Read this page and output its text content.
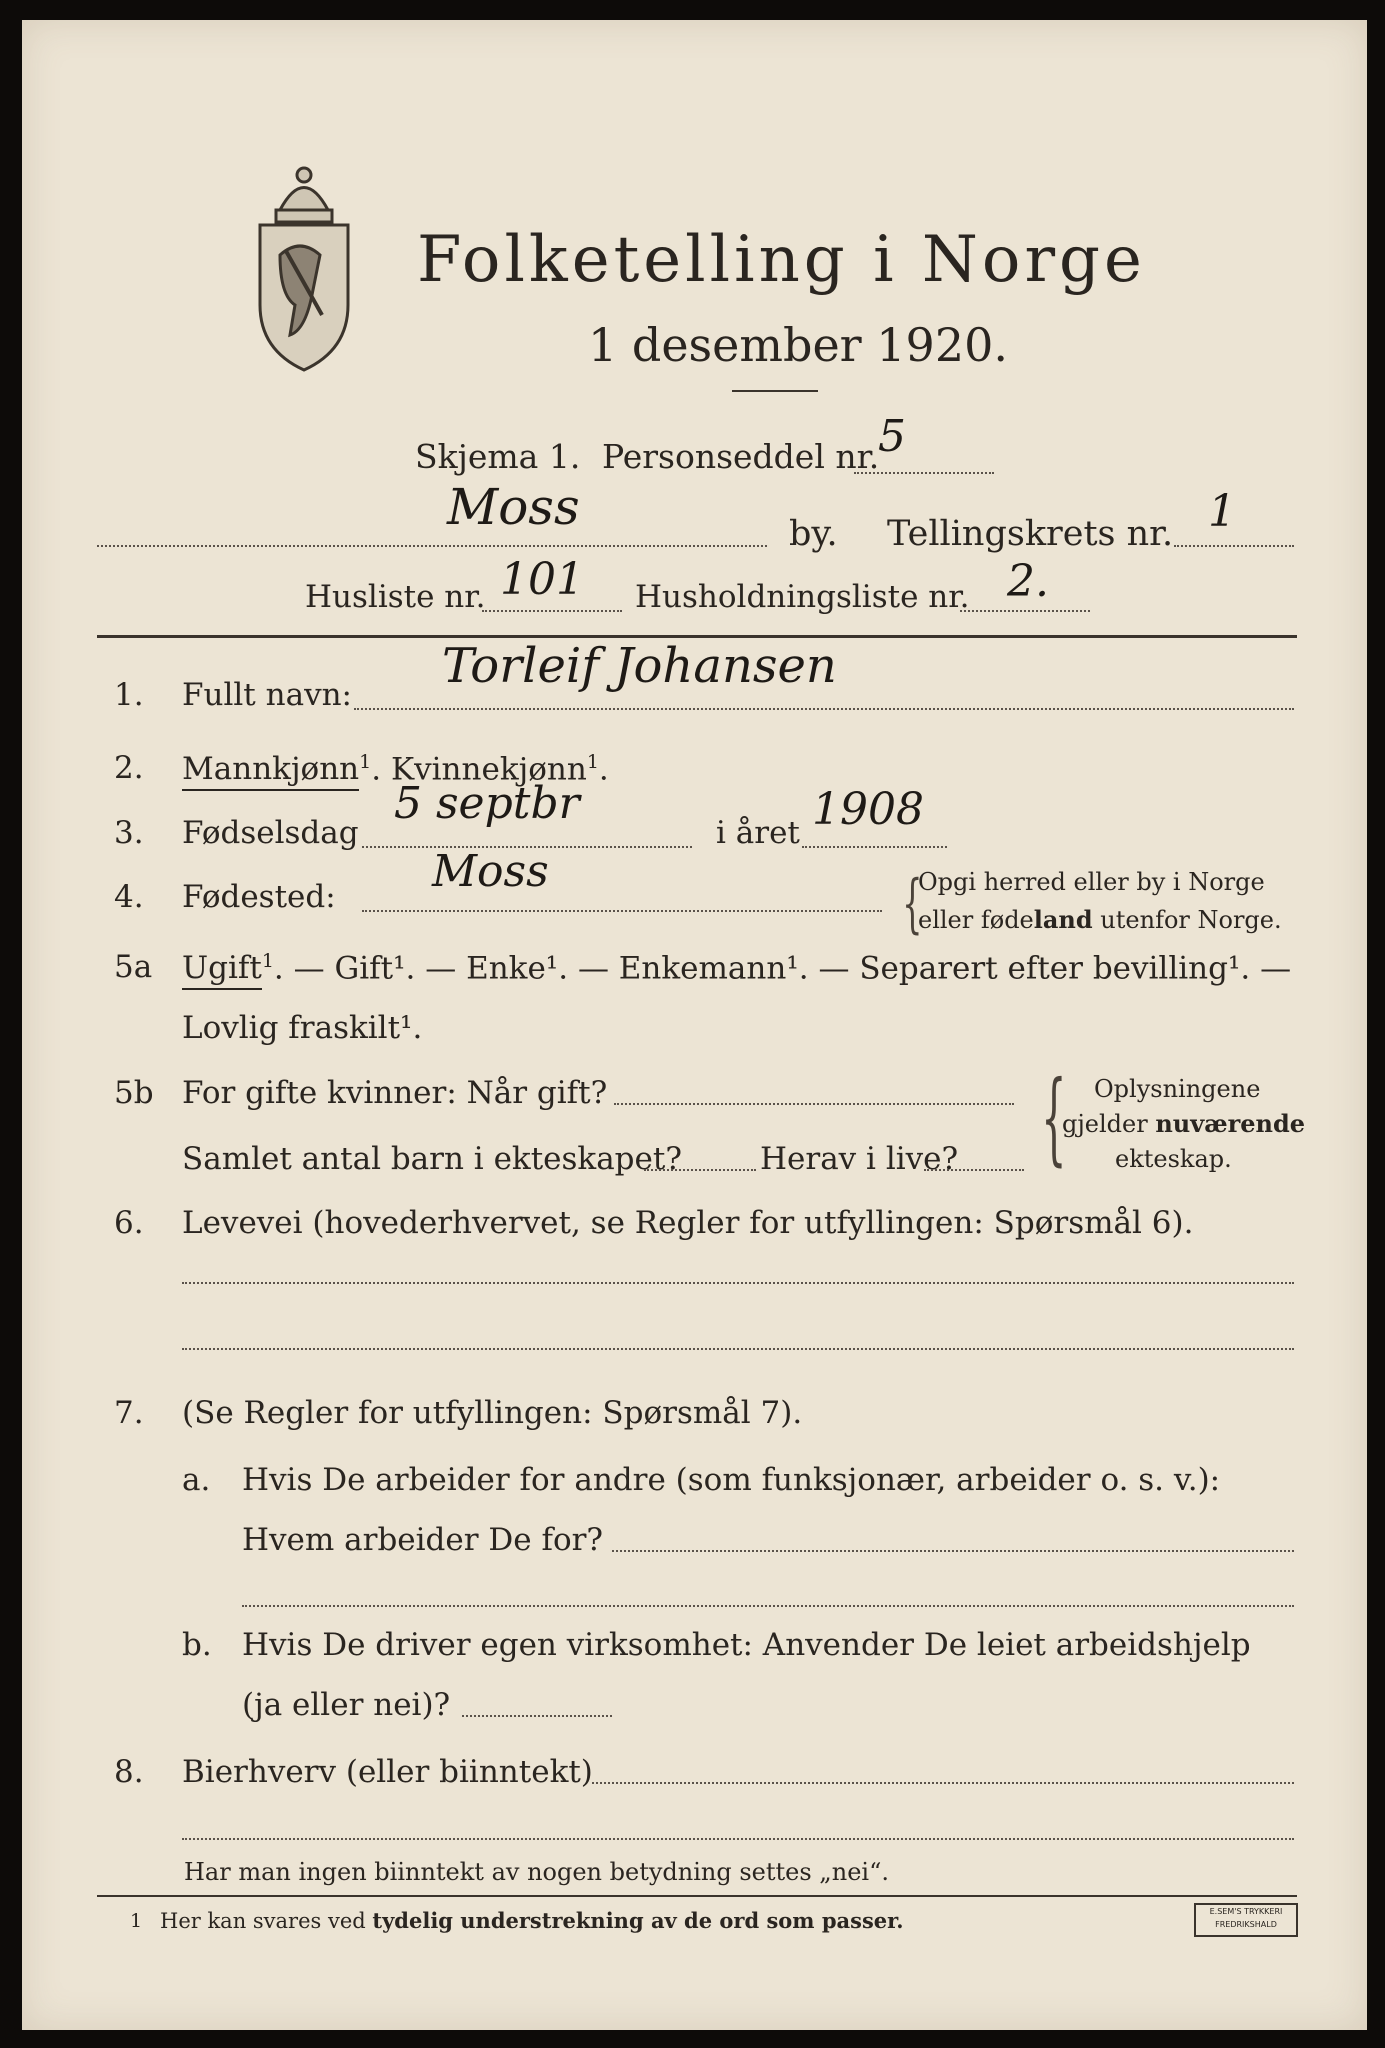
Folketelling i Norge
1 desember 1920.
Skjema 1. Personseddel nr.
5
Moss	by. Tellingskrets nr. 1
Husliste nr. 101 Husholdningsliste nr. 2.
1. Fullt navn:
Torleif Johansen
2. Mannkjønn$^1$. Kvinnekjønn$^1$.
3. Fødselsdag
5 septbr
i året 1908
4. Fødested: Moss	{
Opgi herred eller by i Norge
eller fødeland utenfor Norge.
5a Ugift$^1$. — Gift¹. — Enke¹. — Enkemann¹. — Separert efter bevilling¹. —
Lovlig fraskilt¹.
5b For gifte kvinner: Når gift?
Samlet antal barn i ekteskapet?	Herav i live? { Oplysningene
gjelder nuværende
ekteskap.
6. Levevei (hovederhvervet, se Regler for utfyllingen: Spørsmål 6).
7. (Se Regler for utfyllingen: Spørsmål 7).
a. Hvis De arbeider for andre (som funksjonær, arbeider o. s. v.):
Hvem arbeider De for?
b. Hvis De driver egen virksomhet: Anvender De leiet arbeidshjelp
(ja eller nei)?
8. Bierhverv (eller biinntekt)
Har man ingen biinntekt av nogen betydning settes „nei“.
1 Her kan svares ved tydelig understrekning av de ord som passer.	E.SEM'S TRYKKERI
FREDRIKSHALD
